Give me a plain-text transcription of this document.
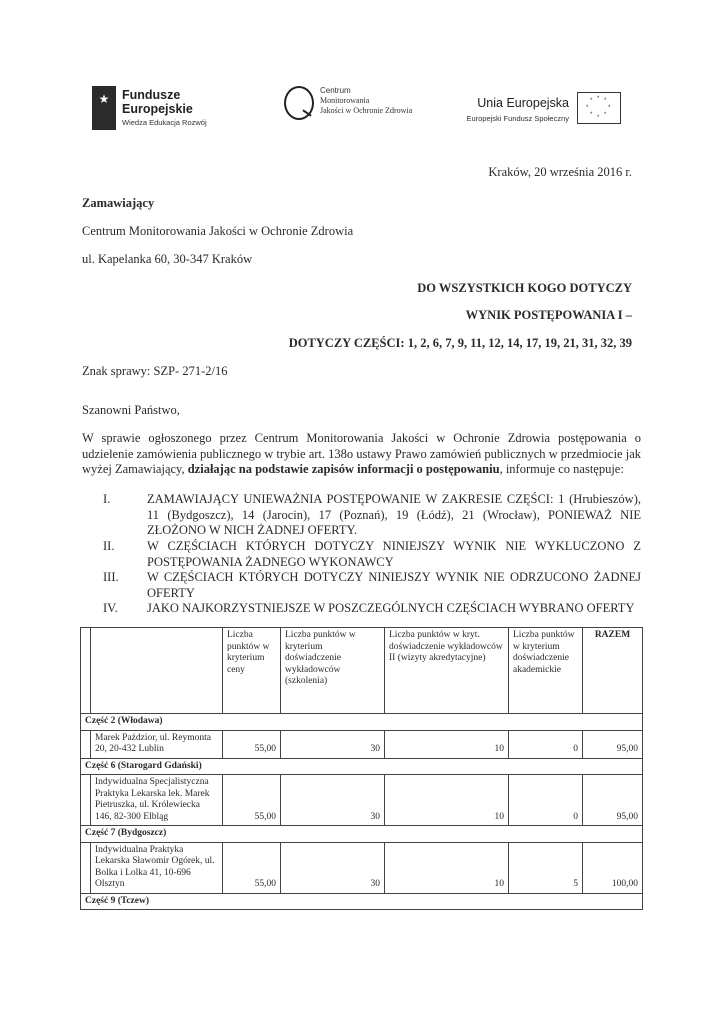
★ Fundusze
Europejskie
Wiedza Edukacja Rozwój
Centrum
Monitorowania
Jakości w Ochronie Zdrowia
Unia Europejska
Europejski Fundusz Społeczny
* *
*
*
*
*
*
*
Kraków, 20 września 2016 r.
Zamawiający
Centrum Monitorowania Jakości w Ochronie Zdrowia
ul. Kapelanka 60, 30-347 Kraków
DO WSZYSTKICH KOGO DOTYCZY
WYNIK POSTĘPOWANIA I –
DOTYCZY CZĘŚCI: 1, 2, 6, 7, 9, 11, 12, 14, 17, 19, 21, 31, 32, 39
Znak sprawy: SZP- 271-2/16
Szanowni Państwo,
W sprawie ogłoszonego przez Centrum Monitorowania Jakości w Ochronie Zdrowia postępowania o udzielenie zamówienia publicznego w trybie art. 138o ustawy Prawo zamówień publicznych w przedmiocie jak wyżej Zamawiający, działając na podstawie zapisów informacji o postępowaniu, informuje co następuje:
I.	ZAMAWIAJĄCY UNIEWAŻNIA POSTĘPOWANIE W ZAKRESIE CZĘŚCI: 1 (Hrubieszów), 11 (Bydgoszcz), 14 (Jarocin), 17 (Poznań), 19 (Łódź), 21 (Wrocław), PONIEWAŻ NIE ZŁOŻONO W NICH ŻADNEJ OFERTY.
II.	W CZĘŚCIACH KTÓRYCH DOTYCZY NINIEJSZY WYNIK NIE WYKLUCZONO Z POSTĘPOWANIA ŻADNEGO WYKONAWCY
III. W CZĘŚCIACH KTÓRYCH DOTYCZY NINIEJSZY WYNIK NIE ODRZUCONO ŻADNEJ OFERTY
IV. JAKO NAJKORZYSTNIEJSZE W POSZCZEGÓLNYCH CZĘŚCIACH WYBRANO OFERTY
		Liczba punktów w kryterium ceny	Liczba punktów w kryterium doświadczenie wykładowców (szkolenia)	Liczba punktów w kryt. doświadczenie wykładowców II (wizyty akredytacyjne)	Liczba punktów w kryterium doświadczenie akademickie	RAZEM
Część 2 (Włodawa)						
	Marek Paździor, ul. Reymonta 20, 20-432 Lublin	55,00	30	10	0	95,00
Część 6 (Starogard Gdański)						
	Indywidualna Specjalistyczna Praktyka Lekarska lek. Marek Pietruszka, ul. Królewiecka 146, 82-300 Elbląg	55,00	30	10	0	95,00
Część 7 (Bydgoszcz)						
	Indywidualna Praktyka Lekarska Sławomir Ogórek, ul. Bolka i Lolka 41, 10-696 Olsztyn	55,00	30	10	5	100,00
Część 9 (Tczew)						
